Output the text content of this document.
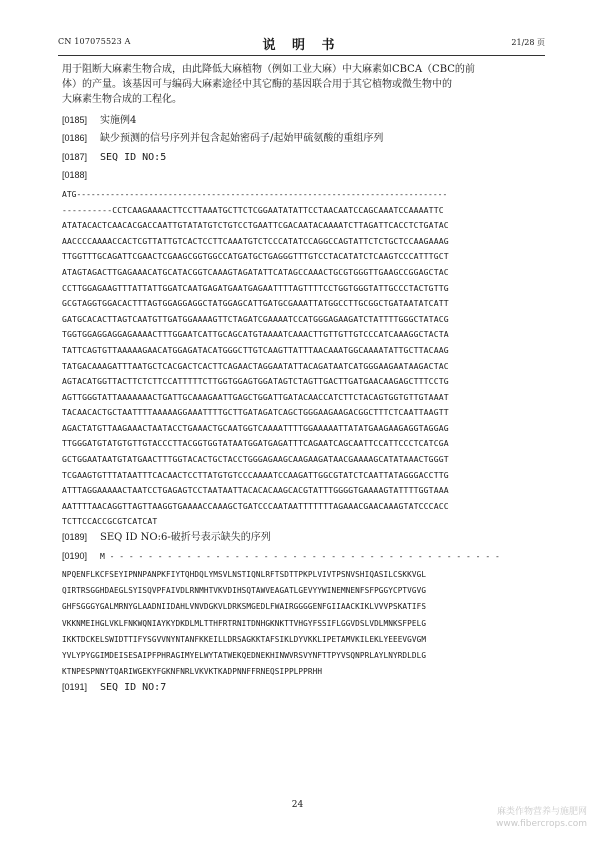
CN 107075523 A	说 明 书	21/28 页

用于阻断大麻素生物合成，由此降低大麻植物（例如工业大麻）中大麻素如CBCA（CBC的前

体）的产量。该基因可与编码大麻素途径中其它酶的基因联合用于其它植物或微生物中的

大麻素生物合成的工程化。

[0185]	实施例4
[0186]	缺少预测的信号序列并包含起始密码子/起始甲硫氨酸的重组序列
[0187]	SEQ ID NO:5
[0188]
ATG-----------------------------------------------------------------------------

----------CCTCAAGAAAACTTCCTTAAATGCTTCTCGGAATATATTCCTAACAATCCAGCAAATCCAAAATTC

ATATACACTCAACACGACCAATTGTATATGTCTGTCCTGAATTCGACAATACAAAATCTTAGATTCACCTCTGATAC

AACCCCAAAACCACTCGTTATTGTCACTCCTTCAAATGTCTCCCATATCCAGGCCAGTATTCTCTGCTCCAAGAAAG

TTGGTTTGCAGATTCGAACTCGAAGCGGTGGCCATGATGCTGAGGGTTTGTCCTACATATCTCAAGTCCCATTTGCT

ATAGTAGACTTGAGAAACATGCATACGGTCAAAGTAGATATTCATAGCCAAACTGCGTGGGTTGAAGCCGGAGCTAC

CCTTGGAGAAGTTTATTATTGGATCAATGAGATGAATGAGAATTTTAGTTTTCCTGGTGGGTATTGCCCTACTGTTG

GCGTAGGTGGACACTTTAGTGGAGGAGGCTATGGAGCATTGATGCGAAATTATGGCCTTGCGGCTGATAATATCATT

GATGCACACTTAGTCAATGTTGATGGAAAAGTTCTAGATCGAAAATCCATGGGAGAAGATCTATTTTGGGCTATACG

TGGTGGAGGAGGAGAAAACTTTGGAATCATTGCAGCATGTAAAATCAAACTTGTTGTTGTCCCATCAAAGGCTACTA

TATTCAGTGTTAAAAAGAACATGGAGATACATGGGCTTGTCAAGTTATTTAACAAATGGCAAAATATTGCTTACAAG

TATGACAAAGATTTAATGCTCACGACTCACTTCAGAACTAGGAATATTACAGATAATCATGGGAAGAATAAGACTAC

AGTACATGGTTACTTCTCTTCCATTTTTCTTGGTGGAGTGGATAGTCTAGTTGACTTGATGAACAAGAGCTTTCCTG

AGTTGGGTATTAAAAAAACTGATTGCAAAGAATTGAGCTGGATTGATACAACCATCTTCTACAGTGGTGTTGTAAAT

TACAACACTGCTAATTTTAAAAAGGAAATTTTGCTTGATAGATCAGCTGGGAAGAAGACGGCTTTCTCAATTAAGTT

AGACTATGTTAAGAAACTAATACCTGAAACTGCAATGGTCAAAATTTTGGAAAAATTATATGAAGAAGAGGTAGGAG

TTGGGATGTATGTGTTGTACCCTTACGGTGGTATAATGGATGAGATTTCAGAATCAGCAATTCCATTCCCTCATCGA

GCTGGAATAATGTATGAACTTTGGTACACTGCTACCTGGGAGAAGCAAGAAGATAACGAAAAGCATATAAACTGGGT

TCGAAGTGTTTATAATTTCACAACTCCTTATGTGTCCCAAAATCCAAGATTGGCGTATCTCAATTATAGGGACCTTG

ATTTAGGAAAAACTAATCCTGAGAGTCCTAATAATTACACACAAGCACGTATTTGGGGTGAAAAGTATTTTGGTAAA

AATTTTAACAGGTTAGTTAAGGTGAAAACCAAAGCTGATCCCAATAATTTTTTTAGAAACGAACAAAGTATCCCACC

TCTTCCACCGCGTCATCAT

[0189]	SEQ ID NO:6-破折号表示缺失的序列
[0190]	M - - - - - - - - - - - - - - - - - - - - - - - - - - - - - - - - - - - - - - - - -

NPQENFLKCFSEYIPNNPANPKFIYTQHDQLYMSVLNSTIQNLRFTSDTTPKPLVIVTPSNVSHIQASILCSKKVGL

QIRTRSGGHDAEGLSYISQVPFAIVDLRNMHTVKVDIHSQTAWVEAGATLGEVYYWINEMNENFSFPGGYCPTVGVG

GHFSGGGYGALMRNYGLAADNIIDAHLVNVDGKVLDRKSMGEDLFWAIRGGGGENFGIIAACKIKLVVVPSKATIFS

VKKNMEIHGLVKLFNKWQNIAYKYDKDLMLTTHFRTRNITDNHGKNKTTVHGYFSSIFLGGVDSLVDLMNKSFPELG

IKKTDCKELSWIDTTIFYSGVVNYNTANFKKEILLDRSAGKKTAFSIKLDYVKKLIPETAMVKILEKLYEEEVGVGM

YVLYPYGGIMDEISESAIPFPHRAGIMYELWYTATWEKQEDNEKHINWVRSVYNFTTPYVSQNPRLAYLNYRDLDLG

KTNPESPNNYTQARIWGEKYFGKNFNRLVKVKTKADPNNFFRNEQSIPPLPPRHH

[0191]	SEQ ID NO:7
24
麻类作物营养与施肥网
www.fibercrops.com
